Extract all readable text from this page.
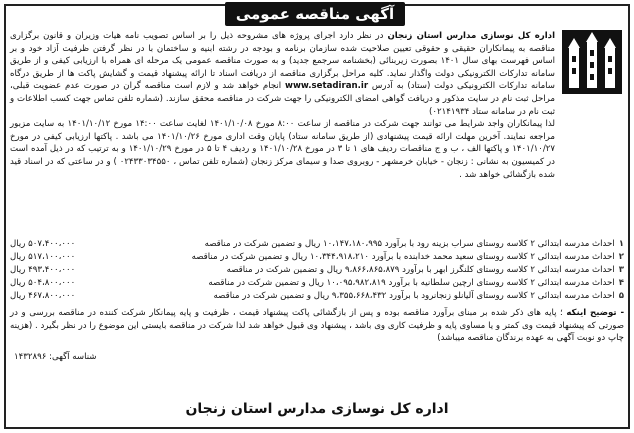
آگهی مناقصه عمومی

اداره کل نوسازی مدارس استان زنجان در نظر دارد اجرای پروژه های مشروحه ذیل را بر اساس تصویب نامه هیات وزیران و قانون برگزاری مناقصه به پیمانکاران حقیقی و حقوقی تعیین صلاحیت شده سازمان برنامه و بودجه در رشته ابنیه و ساختمان با در نظر گرفتن ظرفیت آزاد خود و بر اساس فهرست بهای سال ۱۴۰۱ بصورت زیربنائی (بخشنامه سرجمع جدید) و به صورت مناقصه عمومی یک مرحله ای همراه با ارزیابی کیفی و از طریق سامانه تدارکات الکترونیکی دولت واگذار نماید. کلیه مراحل برگزاری مناقصه از دریافت اسناد تا ارائه پیشنهاد قیمت و گشایش پاکت ها از طریق درگاه سامانه تدارکات الکترونیکی دولت (ستاد) به آدرس www.setadiran.ir انجام خواهد شد و لازم است مناقصه گران در صورت عدم عضویت قبلی، مراحل ثبت نام در سایت مذکور و دریافت گواهی امضای الکترونیکی را جهت شرکت در مناقصه محقق سازند. (شماره تلفن تماس جهت کسب اطلاعات و ثبت نام در سامانه ستاد ۰۲۱۴۱۹۳۴)

لذا پیمانکاران واجد شرایط می توانند جهت شرکت در مناقصه از ساعت ۸:۰۰ مورخ ۱۴۰۱/۱۰/۰۸ لغایت ساعت ۱۴:۰۰ مورخ ۱۴۰۱/۱۰/۱۲ به سایت مزبور مراجعه نمایند. آخرین مهلت ارائه قیمت پیشنهادی (از طریق سامانه ستاد) پایان وقت اداری مورخ ۱۴۰۱/۱۰/۲۶ می باشد . پاکتها ارزیابی کیفی در مورخ ۱۴۰۱/۱۰/۲۷ و پاکتها الف ، ب و ج مناقصات ردیف های ۱ تا ۳ در مورخ ۱۴۰۱/۱۰/۲۸ و ردیف ۴ تا ۵ در مورخ ۱۴۰۱/۱۰/۲۹ و به ترتیب که در ذیل آمده است در کمیسیون به نشانی : زنجان - خیابان خرمشهر - روبروی صدا و سیمای مرکز زنجان (شماره تلفن تماس ، ۰۲۴۳۳۰۳۴۵۵۰ ) و در ساعتی که در اسناد قید شده بازگشائی خواهد شد .

۱
احداث مدرسه ابتدائی ۲ کلاسه روستای سراب بزینه رود با برآورد ۱۰،۱۴۷،۱۸۰،۹۹۵ ریال و تضمین شرکت در مناقصه
۵۰۷،۴۰۰،۰۰۰ ریال
۲
احداث مدرسه ابتدائی ۲ کلاسه روستای سعید محمد خدابنده با برآورد ۱۰،۳۴۴،۹۱۸،۲۱۰ ریال و تضمین شرکت در مناقصه
۵۱۷،۱۰۰،۰۰۰ ریال
۳
احداث مدرسه ابتدائی ۲ کلاسه روستای کلنگرز ابهر با برآورد ۹،۸۶۶،۸۶۵،۸۷۹ ریال و تضمین شرکت در مناقصه
۴۹۳،۴۰۰،۰۰۰ ریال
۴
احداث مدرسه ابتدائی ۲ کلاسه روستای ارچین سلطانیه با برآورد ۱۰،۰۹۵،۹۸۲،۸۱۹ ریال و تضمین شرکت در مناقصه
۵۰۴،۸۰۰،۰۰۰ ریال
۵
احداث مدرسه ابتدائی ۲ کلاسه روستای آلیانلو زنجانرود با برآورد ۹،۳۵۵،۶۶۸،۴۳۲ ریال و تضمین شرکت در مناقصه
۴۶۷،۸۰۰،۰۰۰ ریال
- توضیح اینکه ؛ پایه های ذکر شده بر مبنای برآورد مناقصه بوده و پس از بازگشائی پاکت پیشنهاد قیمت ، ظرفیت و پایه پیمانکار شرکت کننده در مناقصه بررسی و در صورتی که پیشنهاد قیمت وی کمتر و یا مساوی پایه و ظرفیت کاری وی باشد ، پیشنهاد وی قبول خواهد شد لذا شرکت در مناقصه بایستی این موضوع را در نظر بگیرد . (هزینه چاپ دو نوبت آگهی به عهده برندگان مناقصه میباشد)
شناسه آگهی: ۱۴۳۲۸۹۶
اداره کل نوسازی مدارس استان زنجان
